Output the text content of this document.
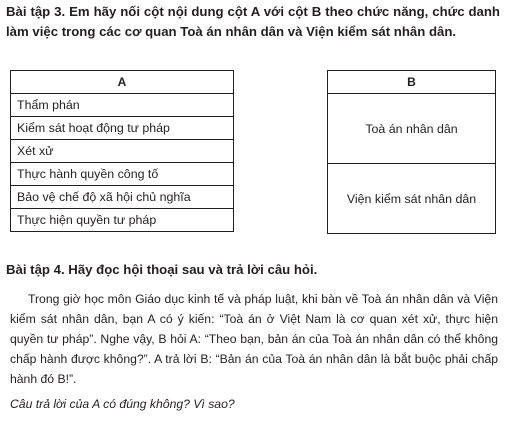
Bài tập 3. Em hãy nối cột nội dung cột A với cột B theo chức năng, chức danh làm việc trong các cơ quan Toà án nhân dân và Viện kiểm sát nhân dân.
A
Thẩm phán
Kiểm sát hoạt động tư pháp
Xét xử
Thực hành quyền công tố
Bảo vệ chế độ xã hội chủ nghĩa
Thực hiện quyền tư pháp
B
Toà án nhân dân
Viện kiểm sát nhân dân
Bài tập 4. Hãy đọc hội thoại sau và trả lời câu hỏi.

Trong giờ học môn Giáo dục kinh tế và pháp luật, khi bàn về Toà án nhân dân và Viện kiểm sát nhân dân, bạn A có ý kiến: “Toà án ở Việt Nam là cơ quan xét xử, thực hiện quyền tư pháp”. Nghe vậy, B hỏi A: “Theo bạn, bản án của Toà án nhân dân có thể không chấp hành được không?”. A trả lời B: “Bản án của Toà án nhân dân là bắt buộc phải chấp hành đó B!”.

Câu trả lời của A có đúng không? Vì sao?
